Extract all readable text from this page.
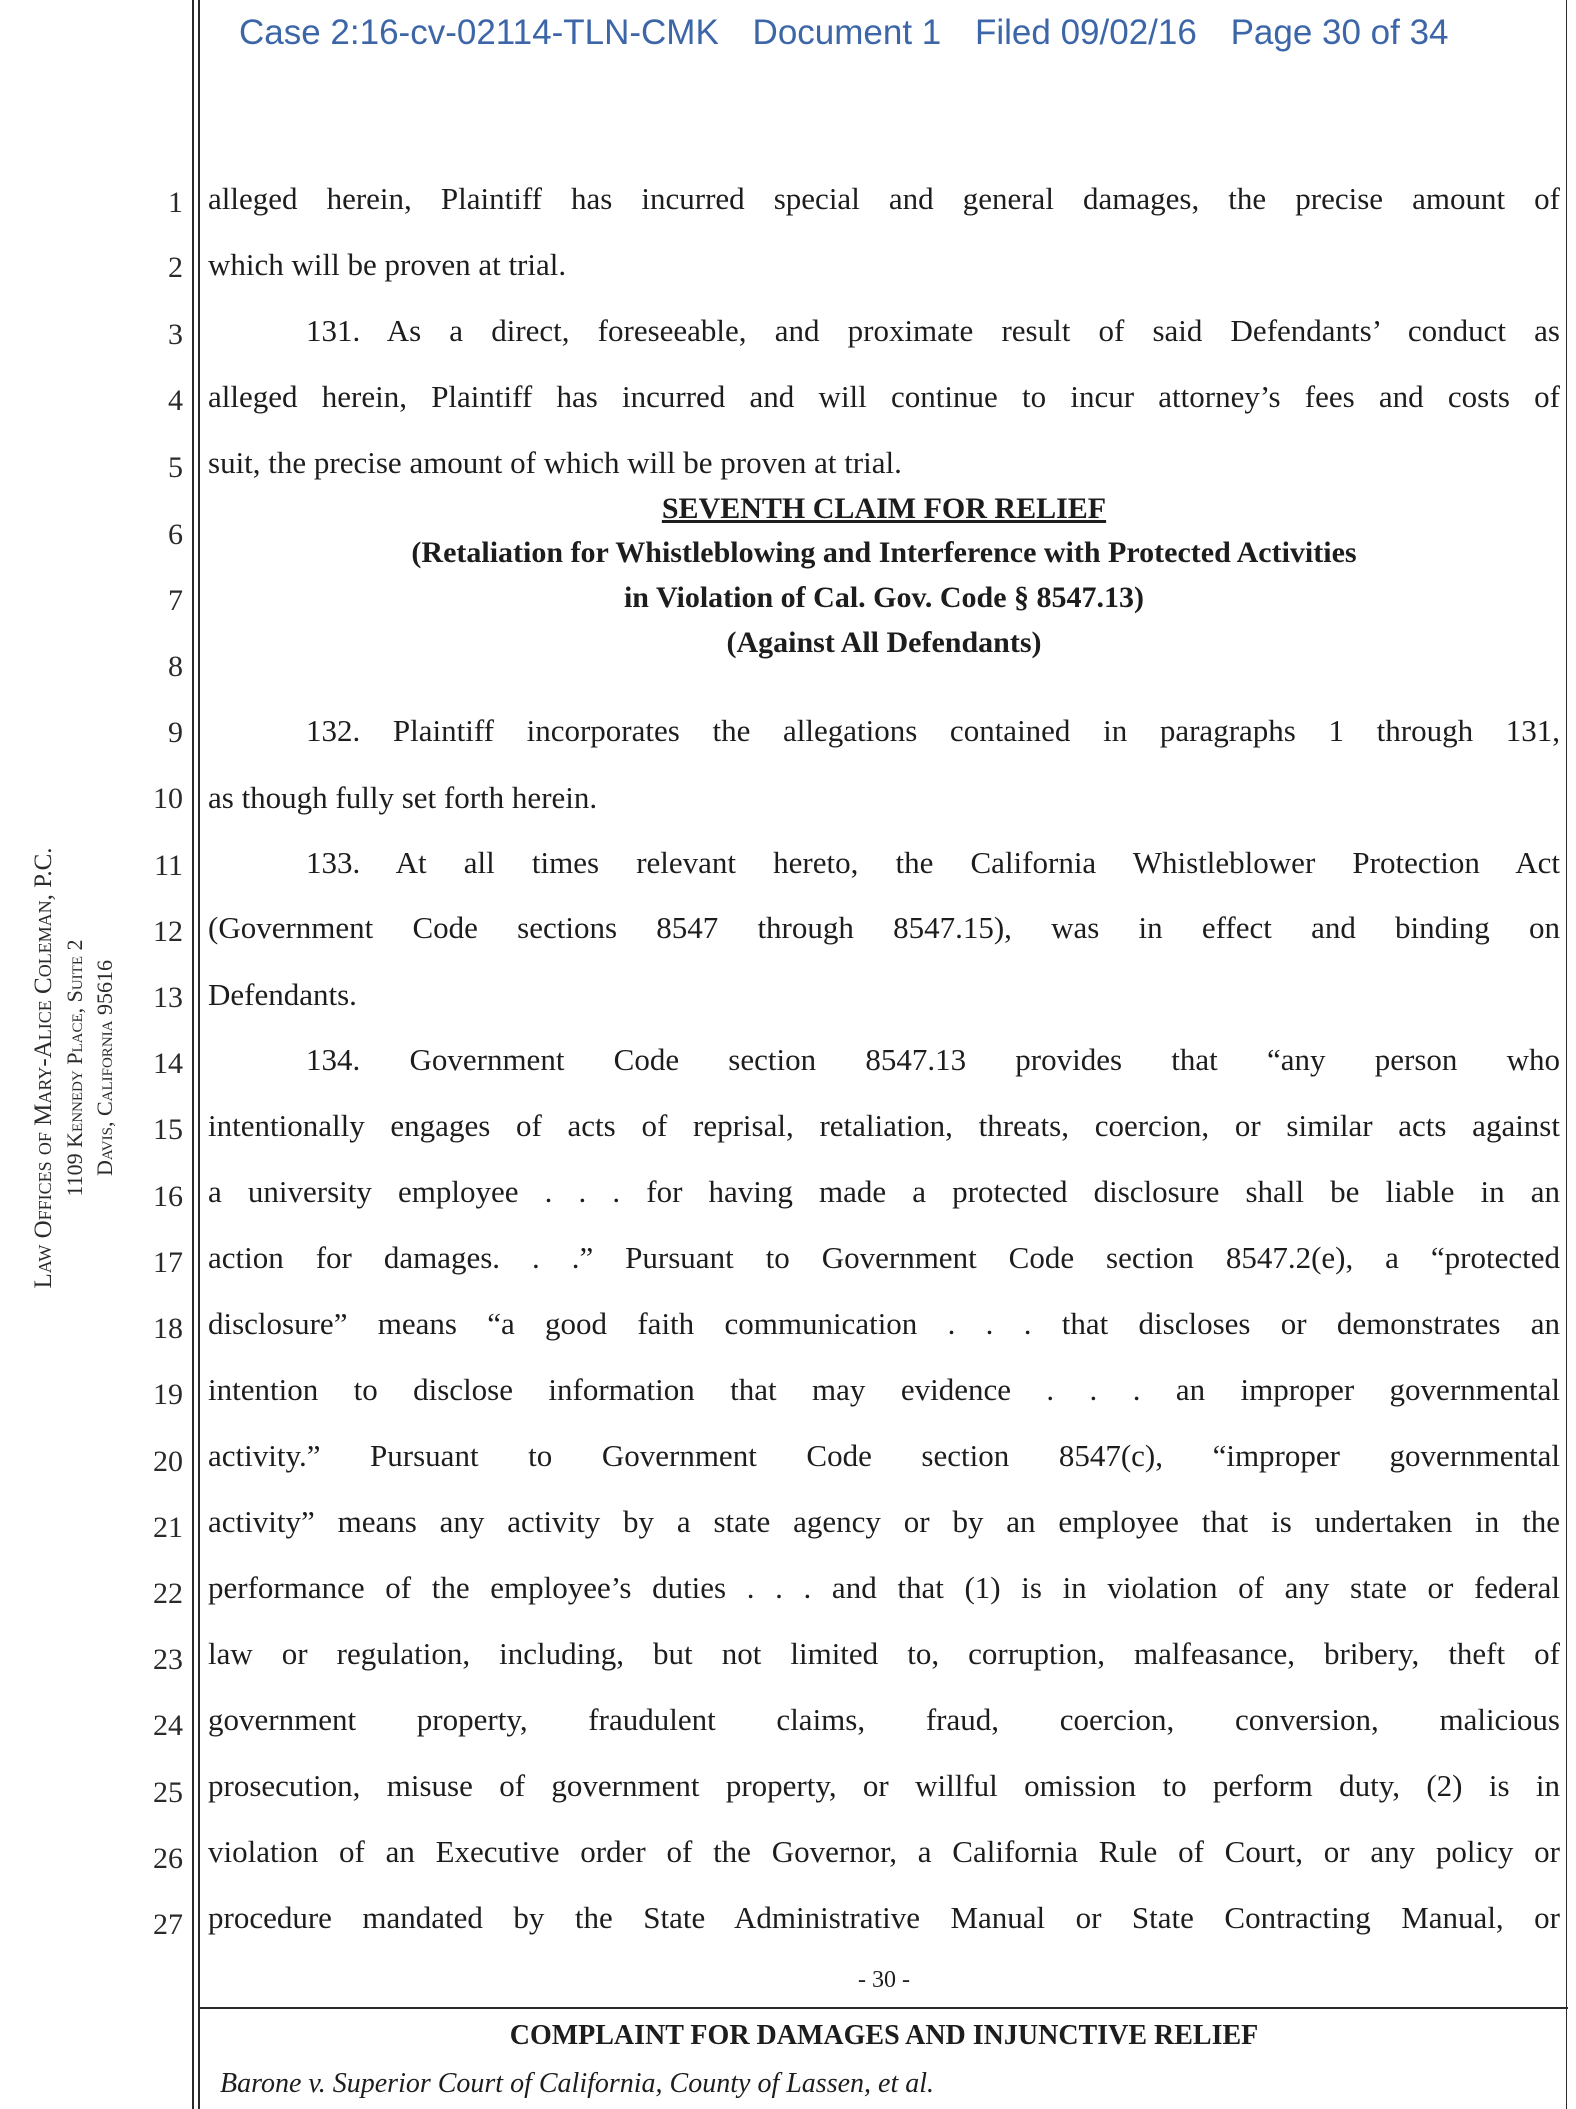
Case 2:16-cv-02114-TLN-CMK Document 1 Filed 09/02/16 Page 30 of 34
Law Offices of Mary-Alice Coleman, P.C. 1109 Kennedy Place, Suite 2 Davis, California 95616
1
2
3
4
5
6
7
8
9
10
11
12
13
14
15
16
17
18
19
20
21
22
23
24
25
26
27
alleged herein, Plaintiff has incurred special and general damages, the precise amount of
which will be proven at trial.
131. As a direct, foreseeable, and proximate result of said Defendants’ conduct as
alleged herein, Plaintiff has incurred and will continue to incur attorney’s fees and costs of
suit, the precise amount of which will be proven at trial.
SEVENTH CLAIM FOR RELIEF
(Retaliation for Whistleblowing and Interference with Protected Activities
in Violation of Cal. Gov. Code § 8547.13)
(Against All Defendants)
132. Plaintiff incorporates the allegations contained in paragraphs 1 through 131,
as though fully set forth herein.
133. At all times relevant hereto, the California Whistleblower Protection Act
(Government Code sections 8547 through 8547.15), was in effect and binding on
Defendants.
134. Government Code section 8547.13 provides that “any person who
intentionally engages of acts of reprisal, retaliation, threats, coercion, or similar acts against
a university employee . . . for having made a protected disclosure shall be liable in an
action for damages. . .” Pursuant to Government Code section 8547.2(e), a “protected
disclosure” means “a good faith communication . . . that discloses or demonstrates an
intention to disclose information that may evidence . . . an improper governmental
activity.” Pursuant to Government Code section 8547(c), “improper governmental
activity” means any activity by a state agency or by an employee that is undertaken in the
performance of the employee’s duties . . . and that (1) is in violation of any state or federal
law or regulation, including, but not limited to, corruption, malfeasance, bribery, theft of
government property, fraudulent claims, fraud, coercion, conversion, malicious
prosecution, misuse of government property, or willful omission to perform duty, (2) is in
violation of an Executive order of the Governor, a California Rule of Court, or any policy or
procedure mandated by the State Administrative Manual or State Contracting Manual, or
- 30 -
COMPLAINT FOR DAMAGES AND INJUNCTIVE RELIEF
Barone v. Superior Court of California, County of Lassen, et al.
